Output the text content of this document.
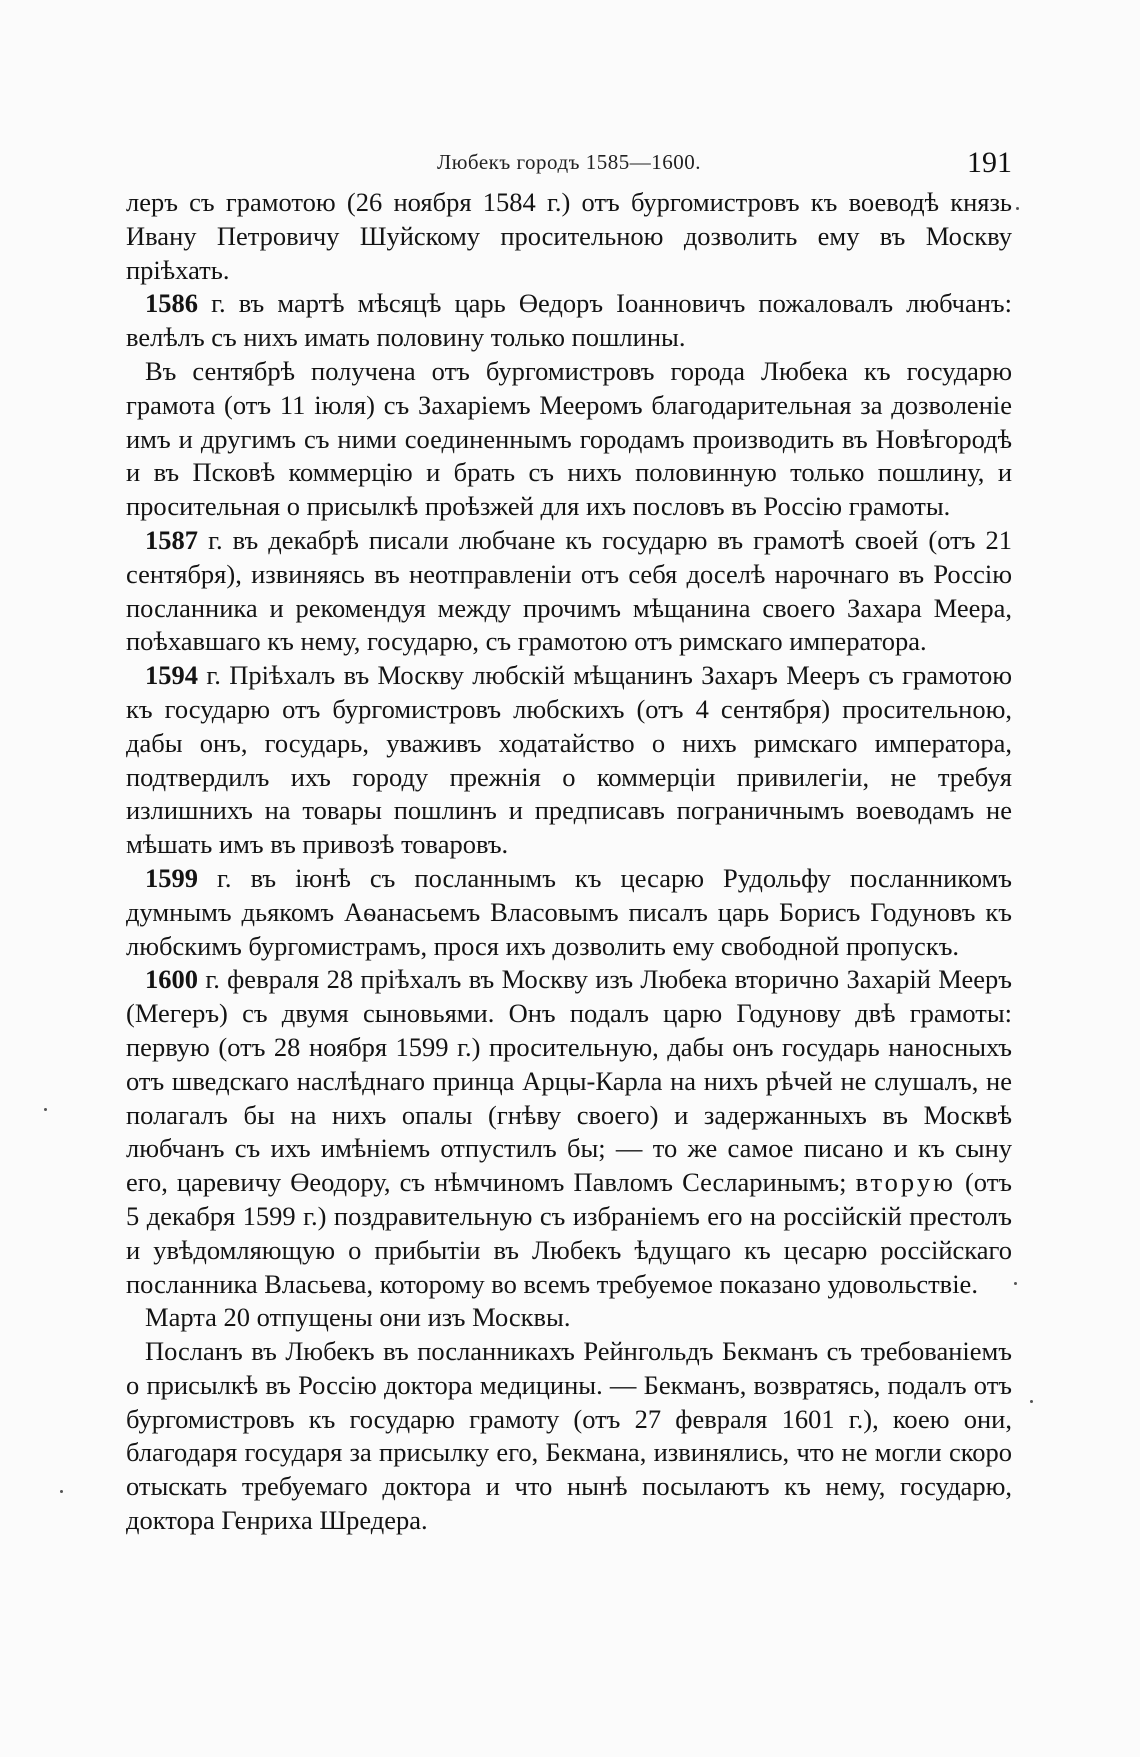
Любекъ городъ 1585—1600.	191

леръ съ грамотою (26 ноября 1584 г.) отъ бургомистровъ къ воеводѣ князь Ивану Петровичу Шуйскому просительною дозволить ему въ Москву пріѣхать.

1586 г. въ мартѣ мѣсяцѣ царь Өедоръ Іоанновичъ пожаловалъ любчанъ: велѣлъ съ нихъ имать половину только пошлины.

Въ сентябрѣ получена отъ бургомистровъ города Любека къ государю грамота (отъ 11 іюля) съ Захаріемъ Мееромъ благодарительная за дозволеніе имъ и другимъ съ ними соединеннымъ городамъ производить въ Новѣгородѣ и въ Псковѣ коммерцію и брать съ нихъ половинную только пошлину, и просительная о присылкѣ проѣзжей для ихъ пословъ въ Россію грамоты.

1587 г. въ декабрѣ писали любчане къ государю въ грамотѣ своей (отъ 21 сентября), извиняясь въ неотправленіи отъ себя доселѣ нарочнаго въ Россію посланника и рекомендуя между прочимъ мѣщанина своего Захара Меера, поѣхавшаго къ нему, государю, съ грамотою отъ римскаго императора.

1594 г. Пріѣхалъ въ Москву любскій мѣщанинъ Захаръ Мееръ съ грамотою къ государю отъ бургомистровъ любскихъ (отъ 4 сентября) просительною, дабы онъ, государь, уваживъ ходатайство о нихъ римскаго императора, подтвердилъ ихъ городу прежнія о коммерціи привилегіи, не требуя излишнихъ на товары пошлинъ и предписавъ пограничнымъ воеводамъ не мѣшать имъ въ привозѣ товаровъ.

1599 г. въ іюнѣ съ посланнымъ къ цесарю Рудольфу посланникомъ думнымъ дьякомъ Аѳанасьемъ Власовымъ писалъ царь Борисъ Годуновъ къ любскимъ бургомистрамъ, прося ихъ дозволить ему свободной пропускъ.

1600 г. февраля 28 пріѣхалъ въ Москву изъ Любека вторично Захарій Мееръ (Мегеръ) съ двумя сыновьями. Онъ подалъ царю Годунову двѣ грамоты: первую (отъ 28 ноября 1599 г.) просительную, дабы онъ государь наносныхъ отъ шведскаго наслѣднаго принца Арцы-Карла на нихъ рѣчей не слушалъ, не полагалъ бы на нихъ опалы (гнѣву своего) и задержанныхъ въ Москвѣ любчанъ съ ихъ имѣніемъ отпустилъ бы; — то же самое писано и къ сыну его, царевичу Өеодору, съ нѣмчиномъ Павломъ Сесларинымъ; вторую (отъ 5 декабря 1599 г.) поздравительную съ избраніемъ его на россійскій престолъ и увѣдомляющую о прибытіи въ Любекъ ѣдущаго къ цесарю россійскаго посланника Власьева, которому во всемъ требуемое показано удовольствіе.

Марта 20 отпущены они изъ Москвы.

Посланъ въ Любекъ въ посланникахъ Рейнгольдъ Бекманъ съ требованіемъ о присылкѣ въ Россію доктора медицины. — Бекманъ, возвратясь, подалъ отъ бургомистровъ къ государю грамоту (отъ 27 февраля 1601 г.), коею они, благодаря государя за присылку его, Бекмана, извинялись, что не могли скоро отыскать требуемаго доктора и что нынѣ посылаютъ къ нему, государю, доктора Генриха Шредера.
